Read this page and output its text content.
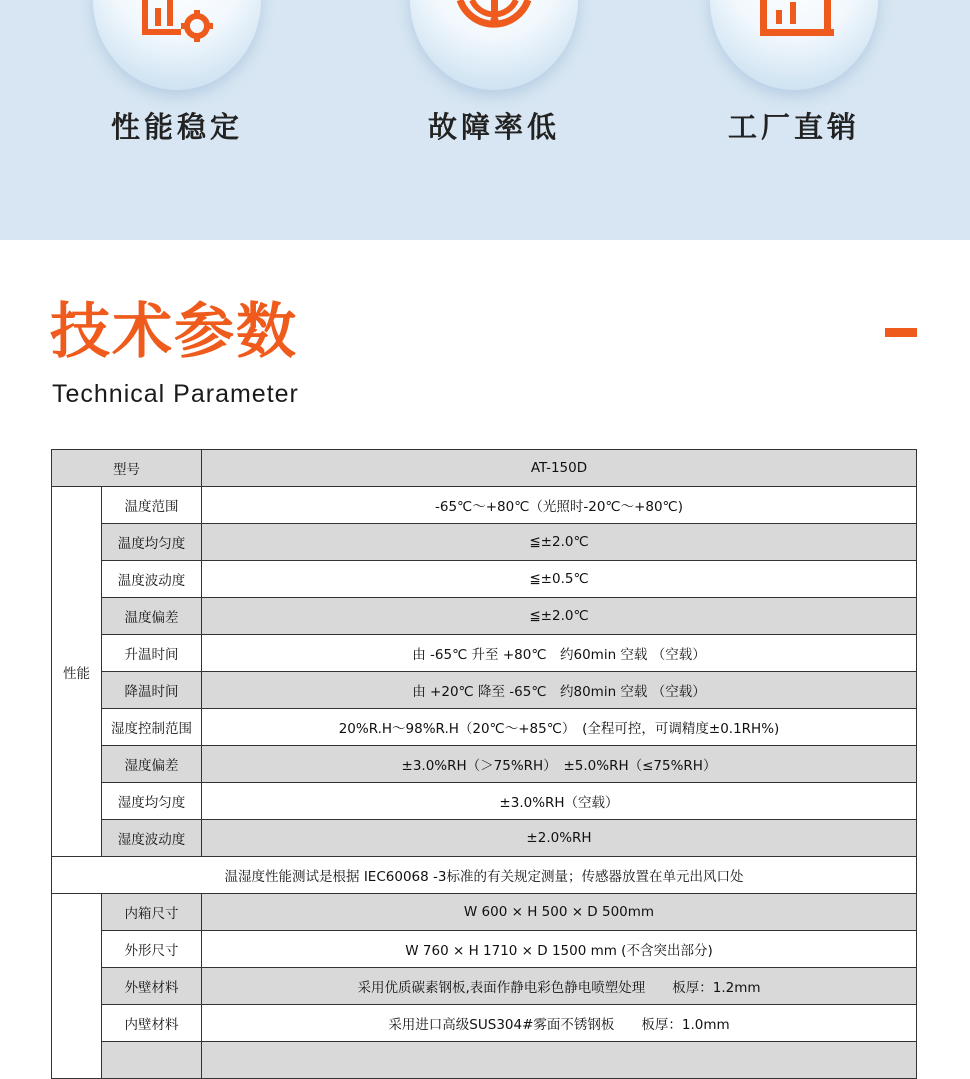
性能稳定	故障率低	工厂直销
技术参数
Technical Parameter
型号		AT-150D
性能	温度范围	-65℃～+80℃（光照时-20℃～+80℃)
	温度均匀度	≦±2.0℃
	温度波动度	≦±0.5℃
	温度偏差	≦±2.0℃
	升温时间	由 -65℃ 升至 +80℃　约60min 空载 （空载）
	降温时间	由 +20℃ 降至 -65℃　约80min 空载 （空载）
	湿度控制范围	20%R.H～98%R.H（20℃～+85℃）　(全程可控，可调精度±0.1RH%)
	湿度偏差	±3.0%RH（＞75%RH）　±5.0%RH（≤75%RH）
	湿度均匀度	±3.0%RH（空载）
	湿度波动度	±2.0%RH
温湿度性能测试是根据 IEC60068 -3标准的有关规定测量；传感器放置在单元出风口处		
	内箱尺寸	W 600 × H 500 × D 500mm
	外形尺寸	W 760 × H 1710 × D 1500 mm (不含突出部分)
	外壁材料	采用优质碳素钢板,表面作静电彩色静电喷塑处理　　板厚：1.2mm
	内壁材料	采用进口高级SUS304#雾面不锈钢板　　板厚：1.0mm
